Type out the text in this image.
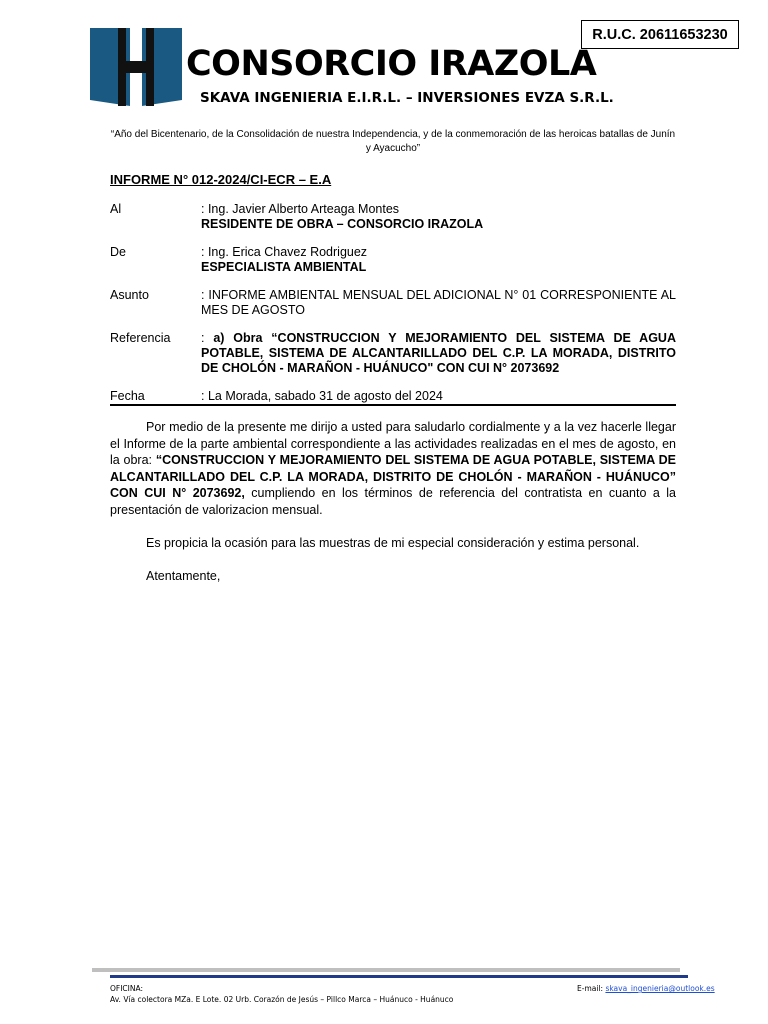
CONSORCIO IRAZOLA
SKAVA INGENIERIA E.I.R.L. – INVERSIONES EVZA S.R.L.
R.U.C. 20611653230
“Año del Bicentenario, de la Consolidación de nuestra Independencia, y de la conmemoración de las heroicas batallas de Junín y Ayacucho”
INFORME N° 012-2024/CI-ECR – E.A
Al	: Ing. Javier Alberto Arteaga Montes
RESIDENTE DE OBRA – CONSORCIO IRAZOLA
De	: Ing. Erica Chavez Rodriguez
ESPECIALISTA AMBIENTAL
Asunto	: INFORME AMBIENTAL MENSUAL DEL ADICIONAL N° 01 CORRESPONIENTE AL MES DE AGOSTO
Referencia : a) Obra “CONSTRUCCION Y MEJORAMIENTO DEL SISTEMA DE AGUA POTABLE, SISTEMA DE ALCANTARILLADO DEL C.P. LA MORADA, DISTRITO DE CHOLÓN - MARAÑON - HUÁNUCO" CON CUI N° 2073692
Fecha	: La Morada, sabado 31 de agosto del 2024
Por medio de la presente me dirijo a usted para saludarlo cordialmente y a la vez hacerle llegar el Informe de la parte ambiental correspondiente a las actividades realizadas en el mes de agosto, en la obra: “CONSTRUCCION Y MEJORAMIENTO DEL SISTEMA DE AGUA POTABLE, SISTEMA DE ALCANTARILLADO DEL C.P. LA MORADA, DISTRITO DE CHOLÓN - MARAÑON - HUÁNUCO” CON CUI N° 2073692, cumpliendo en los términos de referencia del contratista en cuanto a la presentación de valorizacion mensual.
Es propicia la ocasión para las muestras de mi especial consideración y estima personal.
Atentamente,
OFICINA:
Av. Vía colectora MZa. E Lote. 02 Urb. Corazón de Jesús – Pillco Marca – Huánuco - Huánuco
E-mail: skava_ingenieria@outlook.es
